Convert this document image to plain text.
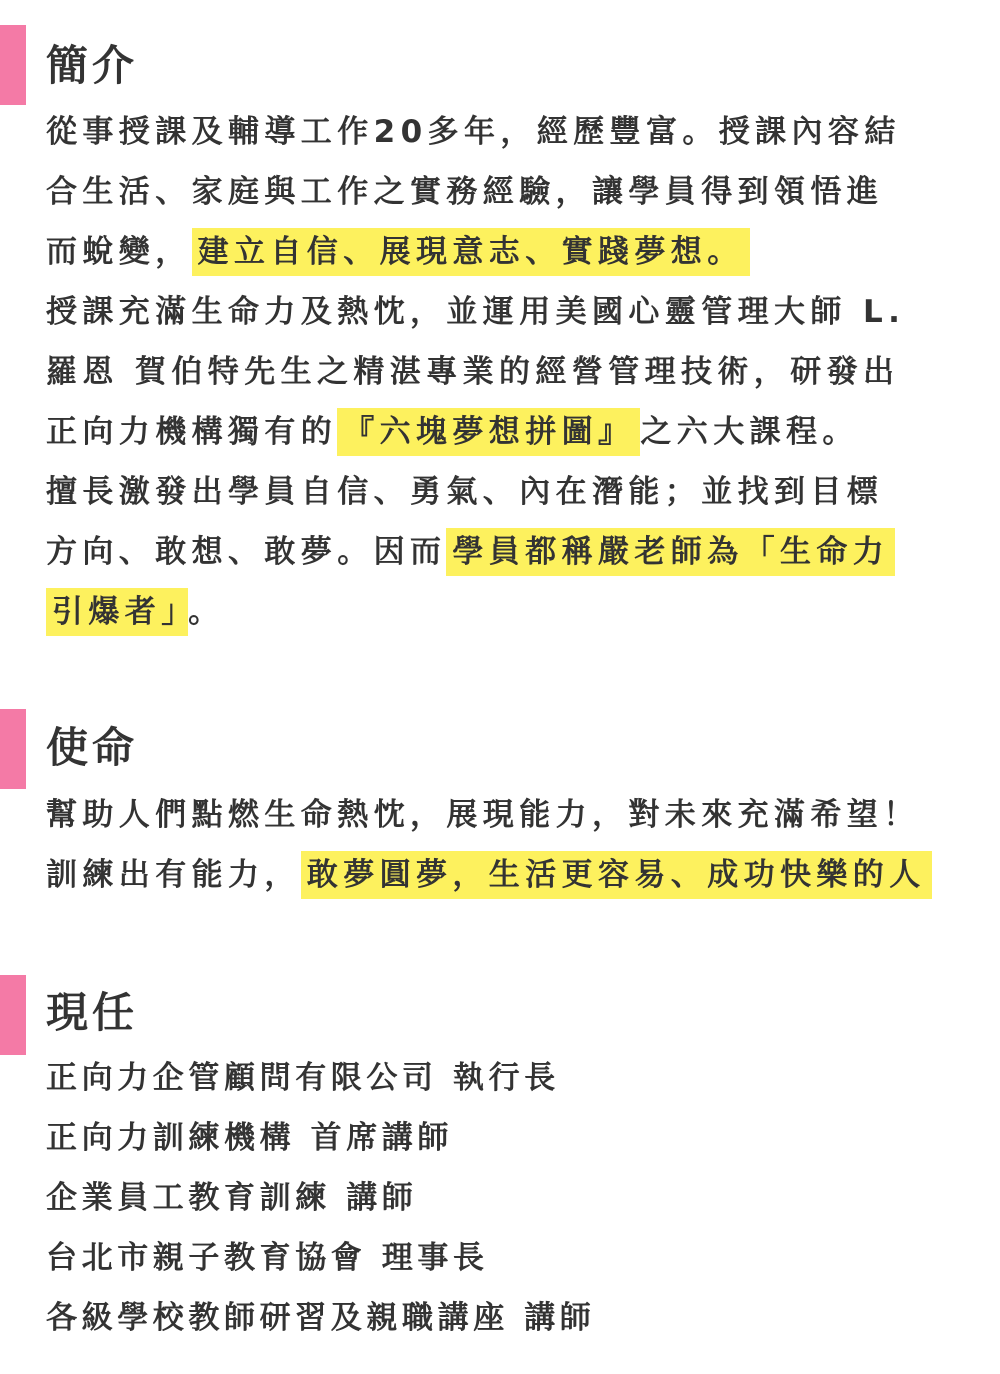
簡介
從事授課及輔導工作20多年，經歷豐富。授課內容結
合生活、家庭與工作之實務經驗，讓學員得到領悟進
而蛻變， 建立自信、展現意志、實踐夢想。
授課充滿生命力及熱忱，並運用美國心靈管理大師 L.
羅恩 賀伯特先生之精湛專業的經營管理技術，研發出
正向力機構獨有的 『六塊夢想拼圖』 之六大課程。
擅長激發出學員自信、勇氣、內在潛能；並找到目標
方向、敢想、敢夢。因而 學員都稱嚴老師為「生命力
引爆者」 。
使命
幫助人們點燃生命熱忱，展現能力，對未來充滿希望！
訓練出有能力， 敢夢圓夢，生活更容易、成功快樂的人
現任
正向力企管顧問有限公司 執行長
正向力訓練機構 首席講師
企業員工教育訓練 講師
台北市親子教育協會 理事長
各級學校教師研習及親職講座 講師
